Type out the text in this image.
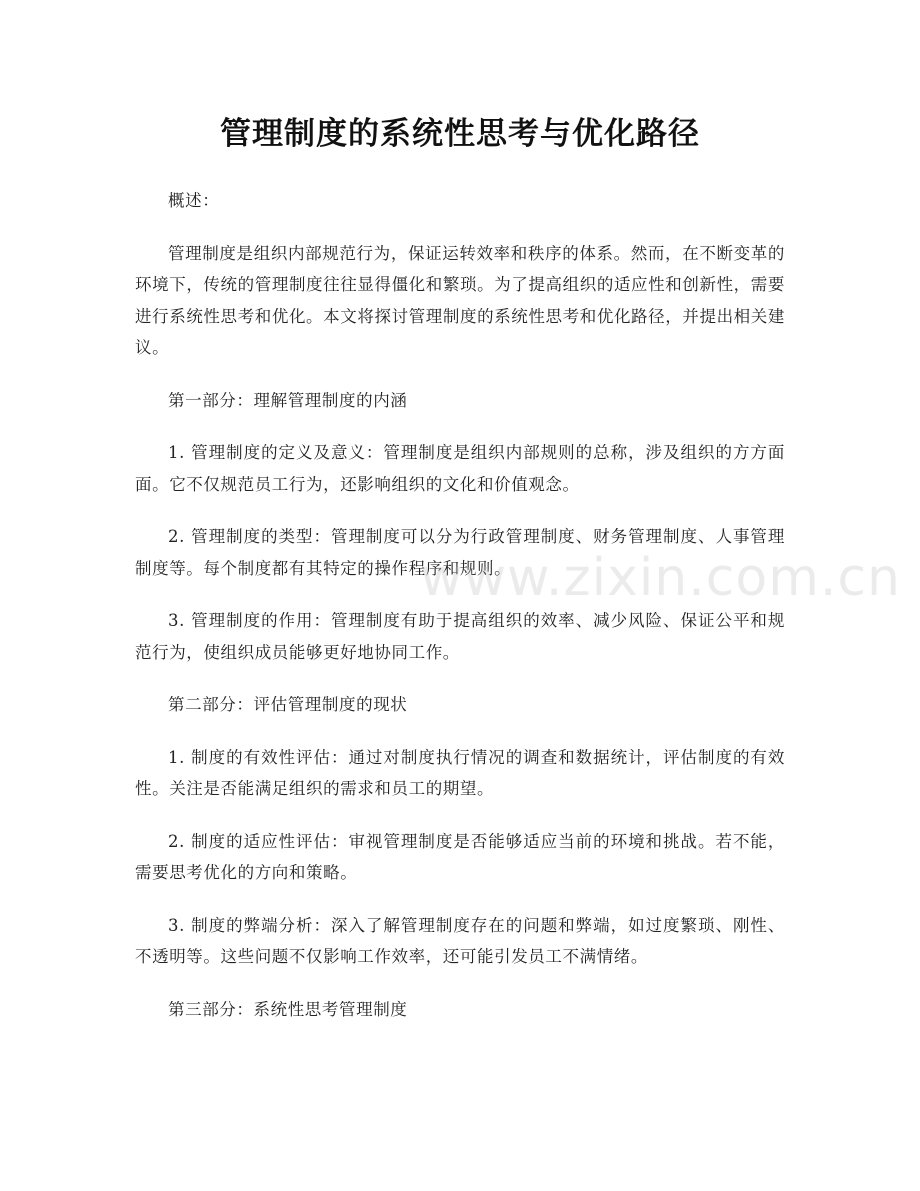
管理制度的系统性思考与优化路径

概述：

管理制度是组织内部规范行为，保证运转效率和秩序的体系。然而，在不断变革的环境下，传统的管理制度往往显得僵化和繁琐。为了提高组织的适应性和创新性，需要进行系统性思考和优化。本文将探讨管理制度的系统性思考和优化路径，并提出相关建议。

第一部分：理解管理制度的内涵

1. 管理制度的定义及意义：管理制度是组织内部规则的总称，涉及组织的方方面面。它不仅规范员工行为，还影响组织的文化和价值观念。

2. 管理制度的类型：管理制度可以分为行政管理制度、财务管理制度、人事管理制度等。每个制度都有其特定的操作程序和规则。

3. 管理制度的作用：管理制度有助于提高组织的效率、减少风险、保证公平和规范行为，使组织成员能够更好地协同工作。

第二部分：评估管理制度的现状

1. 制度的有效性评估：通过对制度执行情况的调查和数据统计，评估制度的有效性。关注是否能满足组织的需求和员工的期望。

2. 制度的适应性评估：审视管理制度是否能够适应当前的环境和挑战。若不能，需要思考优化的方向和策略。

3. 制度的弊端分析：深入了解管理制度存在的问题和弊端，如过度繁琐、刚性、不透明等。这些问题不仅影响工作效率，还可能引发员工不满情绪。

第三部分：系统性思考管理制度

www.zixin.com.cn
